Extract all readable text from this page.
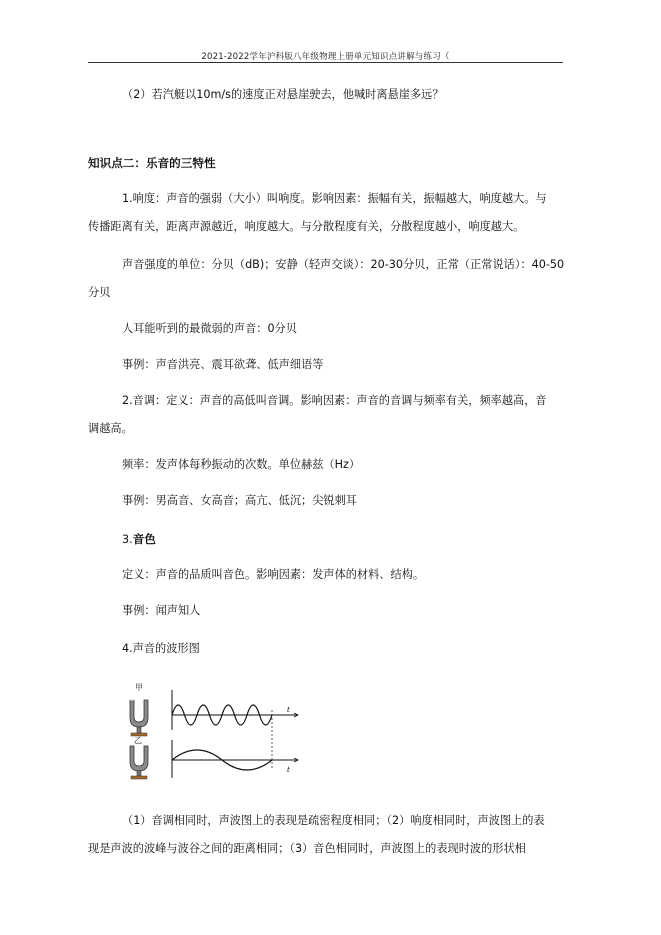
2021-2022学年沪科版八年级物理上册单元知识点讲解与练习（
（2）若汽艇以10m/s的速度正对悬崖驶去，他喊时离悬崖多远？
知识点二：乐音的三特性
1.响度：声音的强弱（大小）叫响度。影响因素：振幅有关，振幅越大，响度越大。与
传播距离有关，距离声源越近，响度越大。与分散程度有关，分散程度越小，响度越大。
声音强度的单位：分贝（dB)；安静（轻声交谈）：20-30分贝，正常（正常说话）：40-50
分贝
人耳能听到的最微弱的声音：0分贝
事例：声音洪亮、震耳欲聋、低声细语等
2.音调：定义：声音的高低叫音调。影响因素：声音的音调与频率有关，频率越高，音
调越高。
频率：发声体每秒振动的次数。单位赫兹（Hz）
事例：男高音、女高音；高亢、低沉；尖锐刺耳
3.音色
定义：声音的品质叫音色。影响因素：发声体的材料、结构。
事例：闻声知人
4.声音的波形图
甲
乙
t
t
（1）音调相同时，声波图上的表现是疏密程度相同；（2）响度相同时，声波图上的表
现是声波的波峰与波谷之间的距离相同；（3）音色相同时，声波图上的表现时波的形状相
